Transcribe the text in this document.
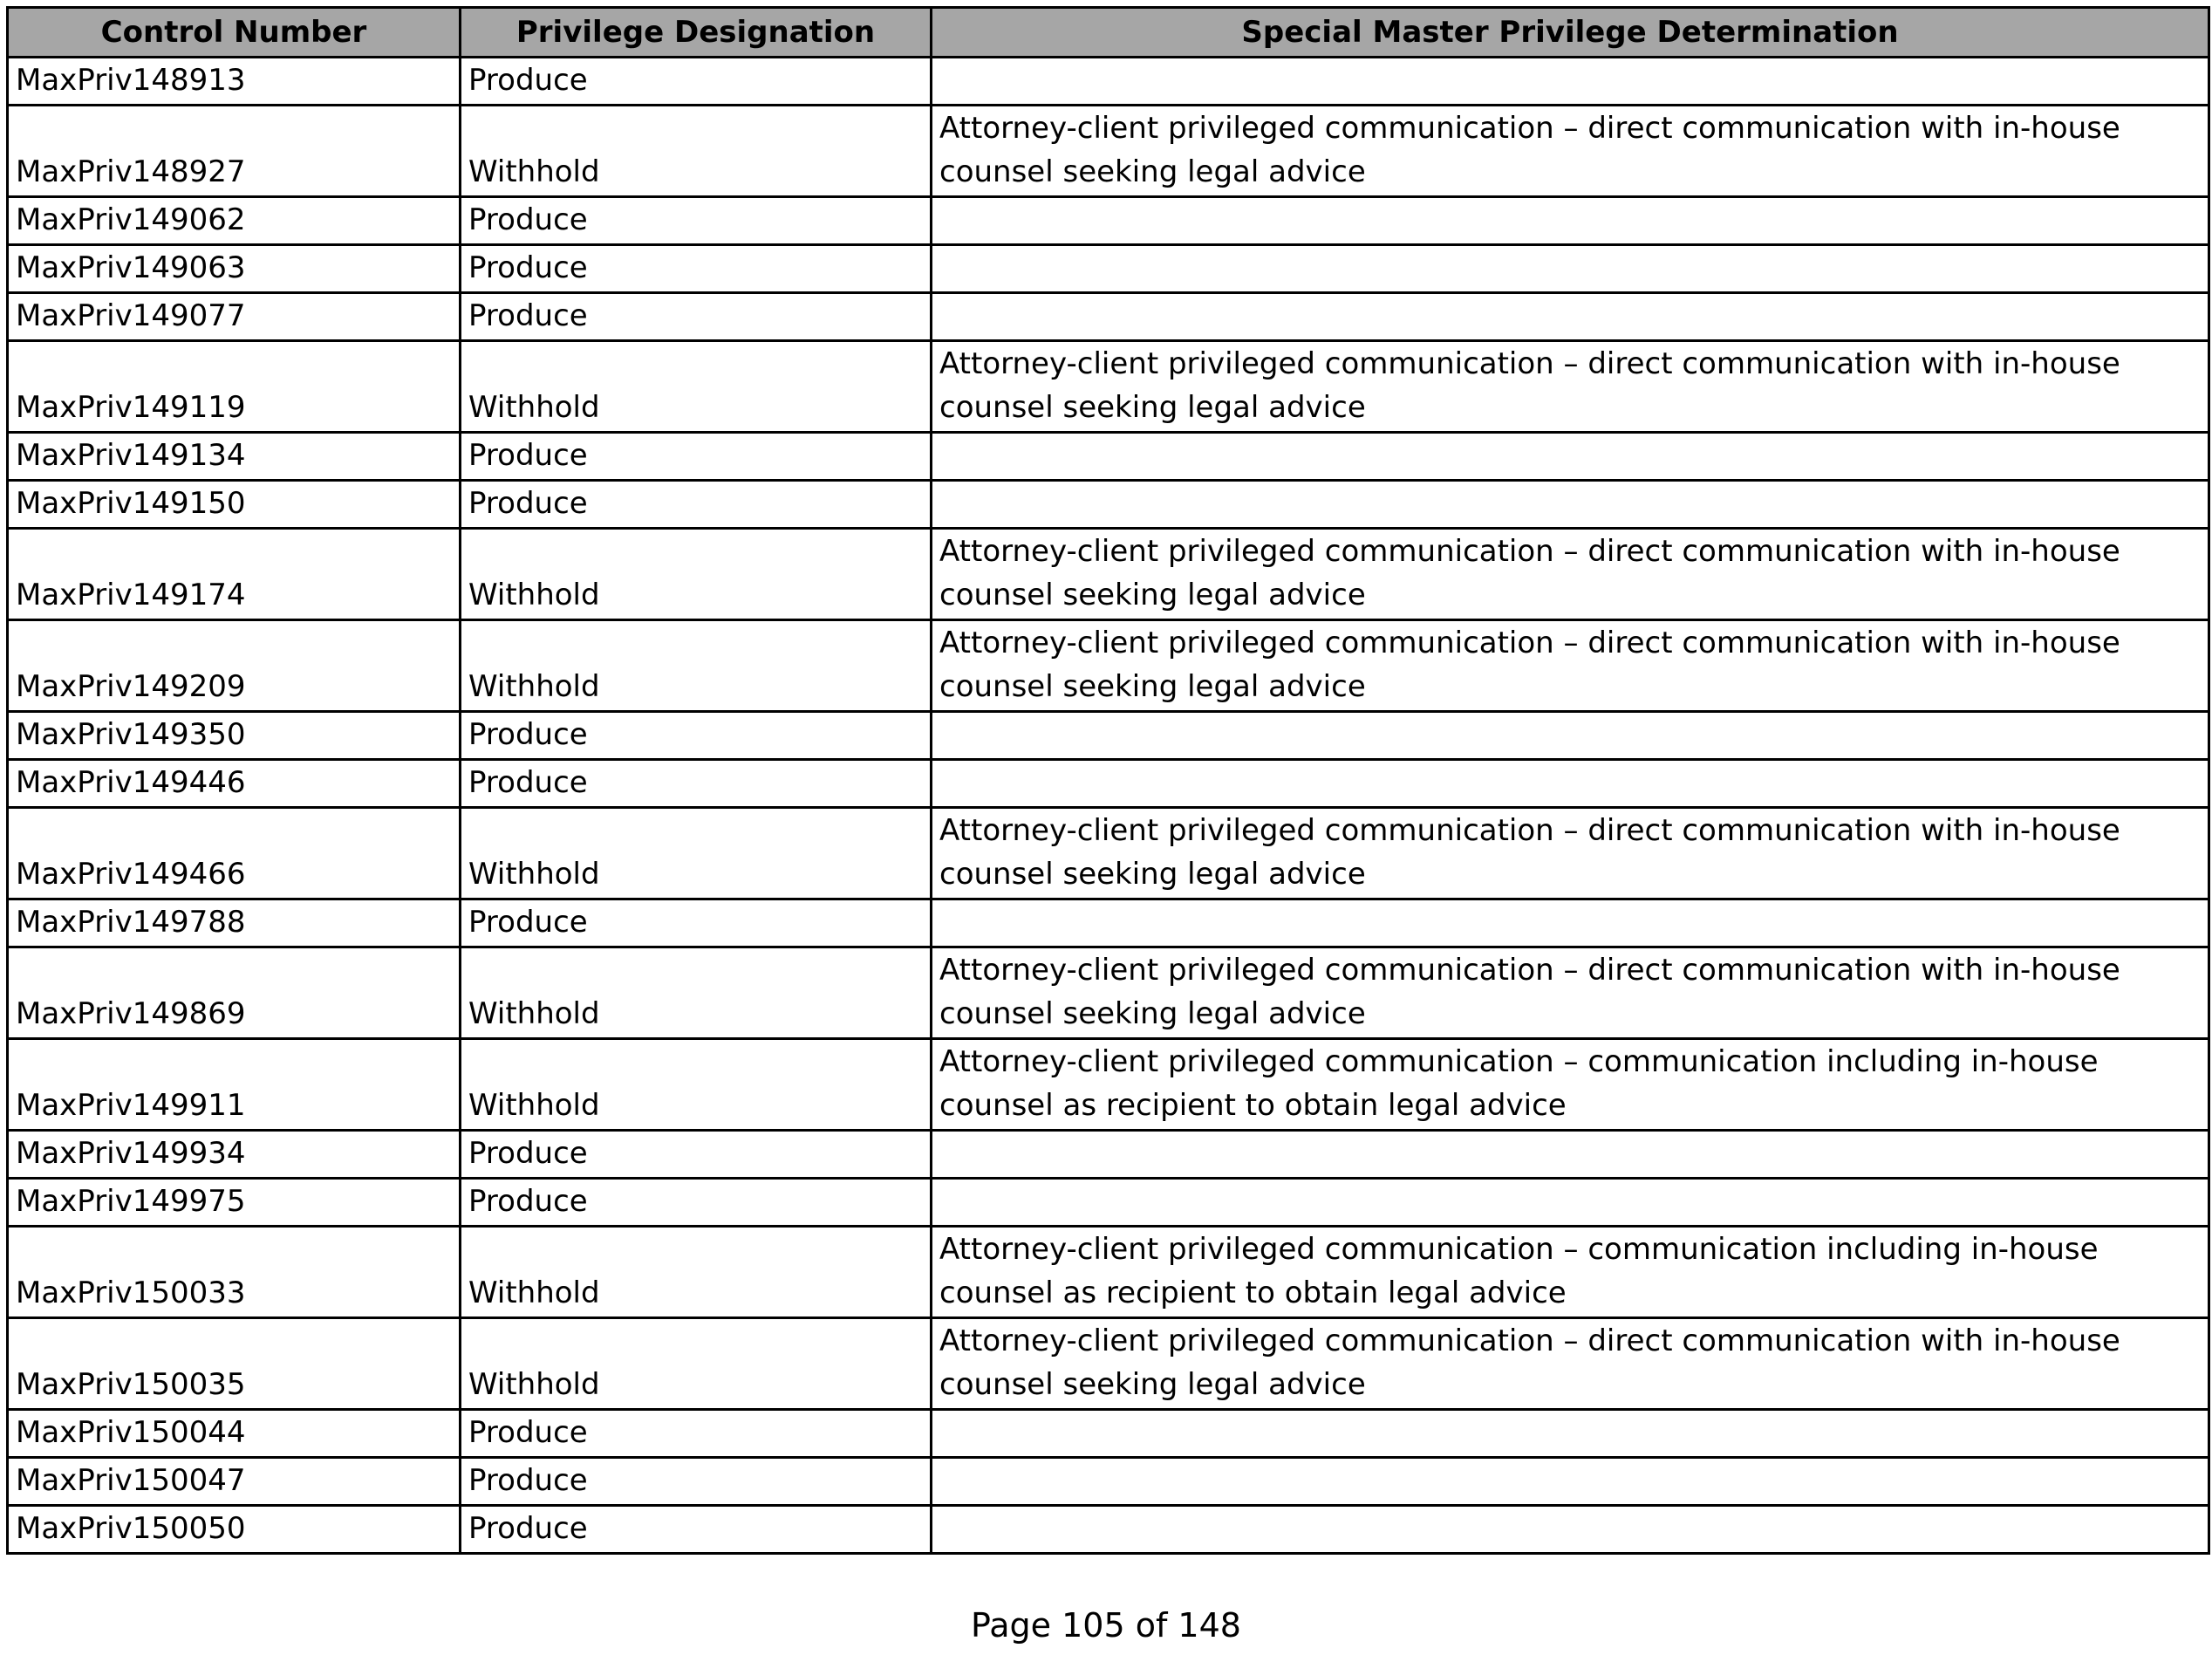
Control Number	Privilege Designation	Special Master Privilege Determination
MaxPriv148913	Produce	
MaxPriv148927	Withhold	Attorney-client privileged communication – direct communication with in-house counsel seeking legal advice
MaxPriv149062	Produce	
MaxPriv149063	Produce	
MaxPriv149077	Produce	
MaxPriv149119	Withhold	Attorney-client privileged communication – direct communication with in-house counsel seeking legal advice
MaxPriv149134	Produce	
MaxPriv149150	Produce	
MaxPriv149174	Withhold	Attorney-client privileged communication – direct communication with in-house counsel seeking legal advice
MaxPriv149209	Withhold	Attorney-client privileged communication – direct communication with in-house counsel seeking legal advice
MaxPriv149350	Produce	
MaxPriv149446	Produce	
MaxPriv149466	Withhold	Attorney-client privileged communication – direct communication with in-house counsel seeking legal advice
MaxPriv149788	Produce	
MaxPriv149869	Withhold	Attorney-client privileged communication – direct communication with in-house counsel seeking legal advice
MaxPriv149911	Withhold	Attorney-client privileged communication – communication including in-house counsel as recipient to obtain legal advice
MaxPriv149934	Produce	
MaxPriv149975	Produce	
MaxPriv150033	Withhold	Attorney-client privileged communication – communication including in-house counsel as recipient to obtain legal advice
MaxPriv150035	Withhold	Attorney-client privileged communication – direct communication with in-house counsel seeking legal advice
MaxPriv150044	Produce	
MaxPriv150047	Produce	
MaxPriv150050	Produce	
Page 105 of 148
